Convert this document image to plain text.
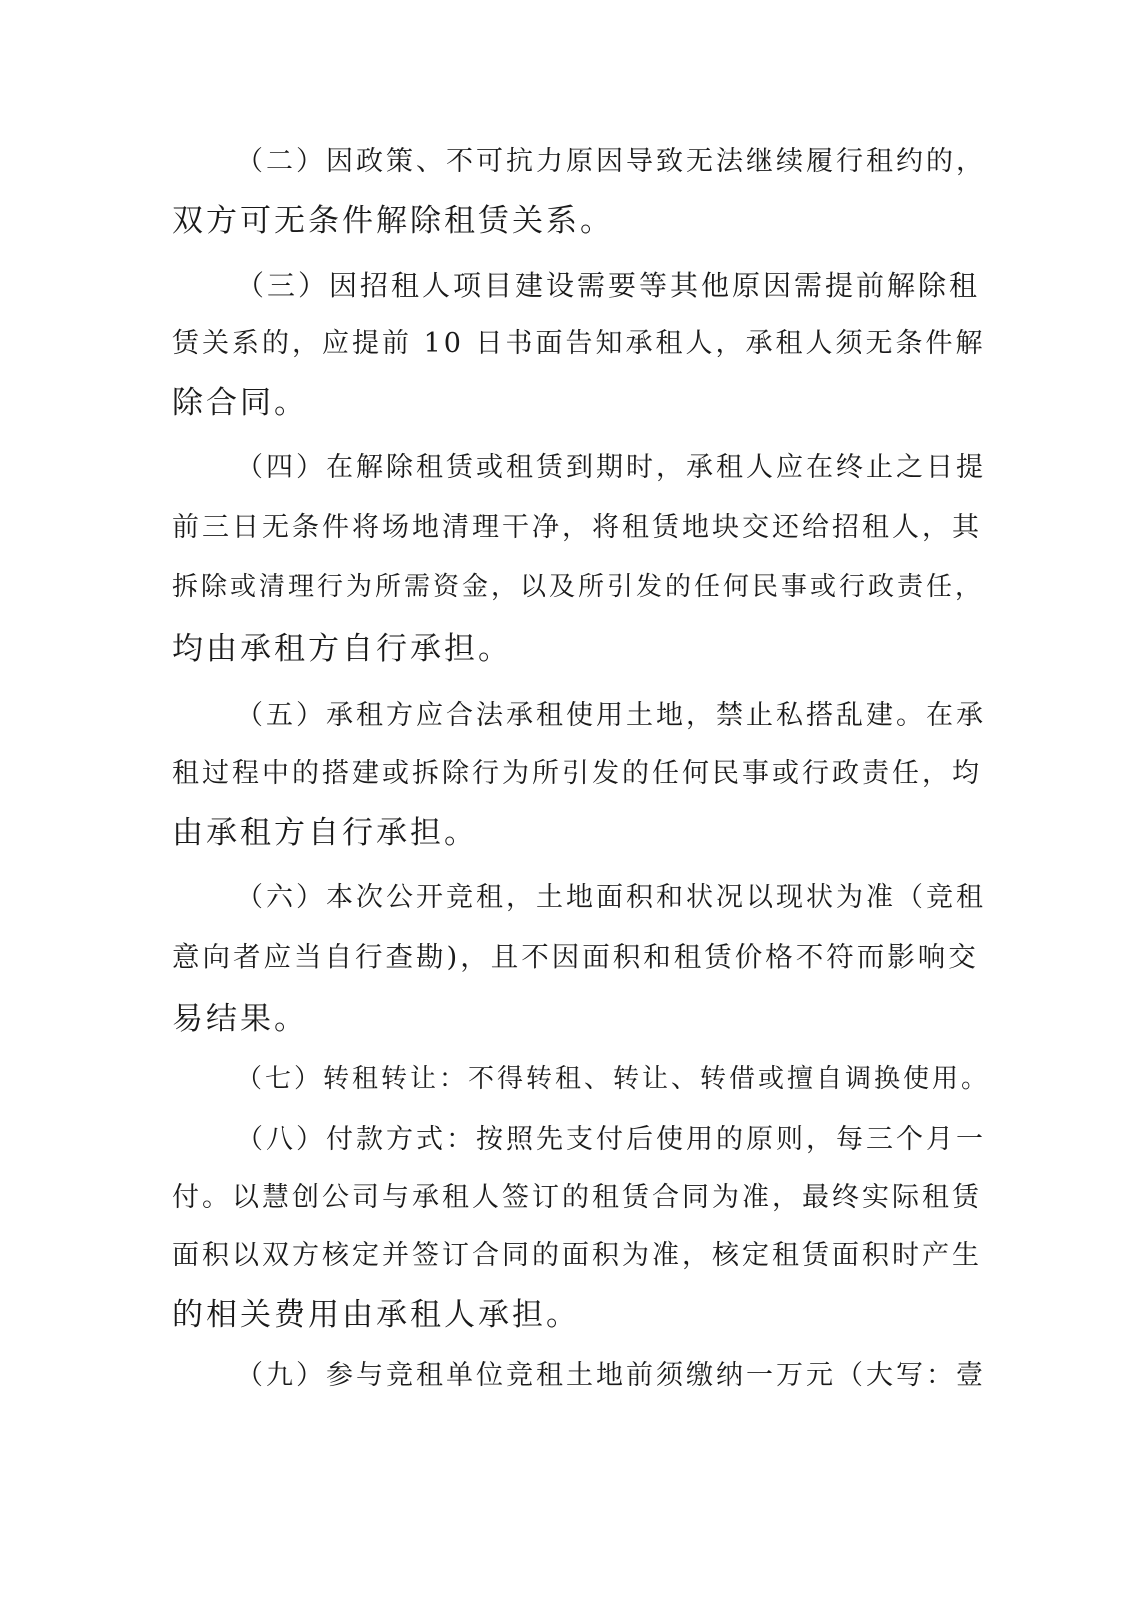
（二）因政策、不可抗力原因导致无法继续履行租约的，
双方可无条件解除租赁关系。
（三）因招租人项目建设需要等其他原因需提前解除租
赁关系的，应提前 10 日书面告知承租人，承租人须无条件解
除合同。
（四）在解除租赁或租赁到期时，承租人应在终止之日提
前三日无条件将场地清理干净，将租赁地块交还给招租人，其
拆除或清理行为所需资金，以及所引发的任何民事或行政责任，
均由承租方自行承担。
（五）承租方应合法承租使用土地，禁止私搭乱建。在承
租过程中的搭建或拆除行为所引发的任何民事或行政责任，均
由承租方自行承担。
（六）本次公开竞租，土地面积和状况以现状为准（竞租
意向者应当自行查勘)，且不因面积和租赁价格不符而影响交
易结果。
（七）转租转让：不得转租、转让、转借或擅自调换使用。
（八）付款方式：按照先支付后使用的原则，每三个月一
付。以慧创公司与承租人签订的租赁合同为准，最终实际租赁
面积以双方核定并签订合同的面积为准，核定租赁面积时产生
的相关费用由承租人承担。
（九）参与竞租单位竞租土地前须缴纳一万元（大写：壹
